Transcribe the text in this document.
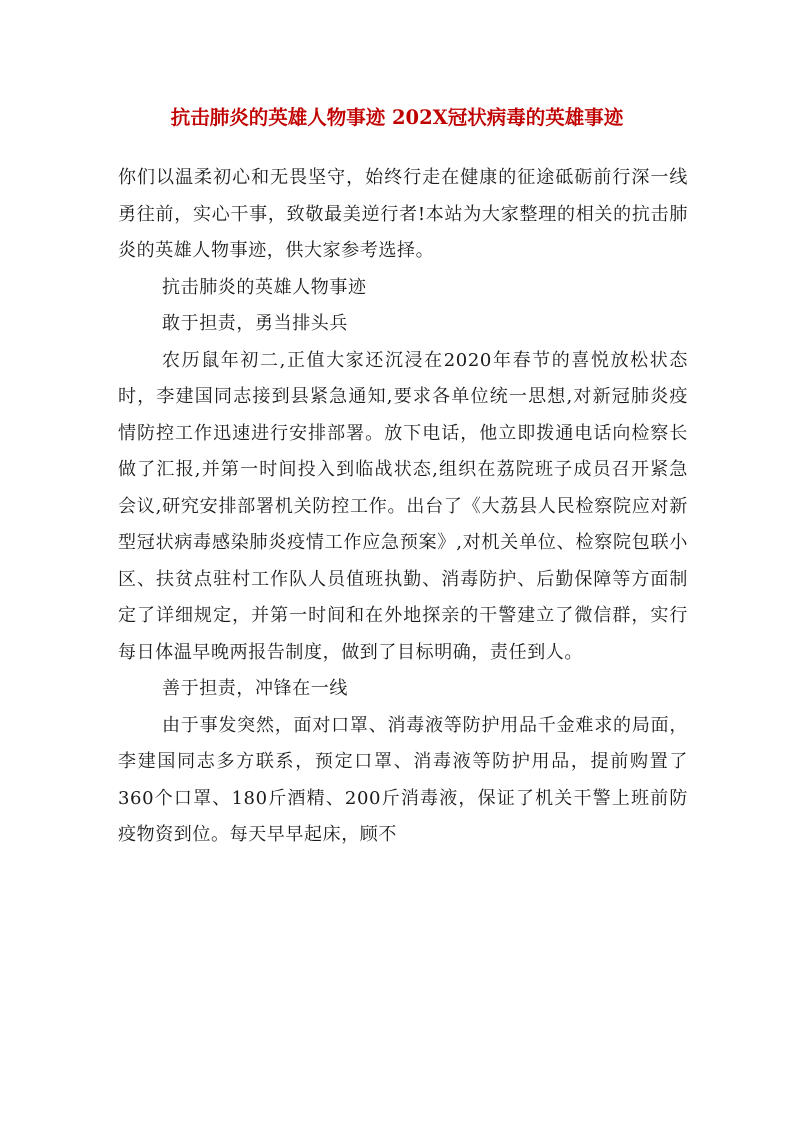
抗击肺炎的英雄人物事迹 202X冠状病毒的英雄事迹

你们以温柔初心和无畏坚守，始终行走在健康的征途砥砺前行深一线勇往前，实心干事，致敬最美逆行者!本站为大家整理的相关的抗击肺炎的英雄人物事迹，供大家参考选择。

抗击肺炎的英雄人物事迹

敢于担责，勇当排头兵

农历鼠年初二,正值大家还沉浸在2020年春节的喜悦放松状态时，李建国同志接到县紧急通知,要求各单位统一思想,对新冠肺炎疫情防控工作迅速进行安排部署。放下电话，他立即拨通电话向检察长做了汇报,并第一时间投入到临战状态,组织在荔院班子成员召开紧急会议,研究安排部署机关防控工作。出台了《大荔县人民检察院应对新型冠状病毒感染肺炎疫情工作应急预案》,对机关单位、检察院包联小区、扶贫点驻村工作队人员值班执勤、消毒防护、后勤保障等方面制定了详细规定，并第一时间和在外地探亲的干警建立了微信群，实行每日体温早晚两报告制度，做到了目标明确，责任到人。

善于担责，冲锋在一线

由于事发突然，面对口罩、消毒液等防护用品千金难求的局面，李建国同志多方联系，预定口罩、消毒液等防护用品，提前购置了360个口罩、180斤酒精、200斤消毒液，保证了机关干警上班前防疫物资到位。每天早早起床，顾不
